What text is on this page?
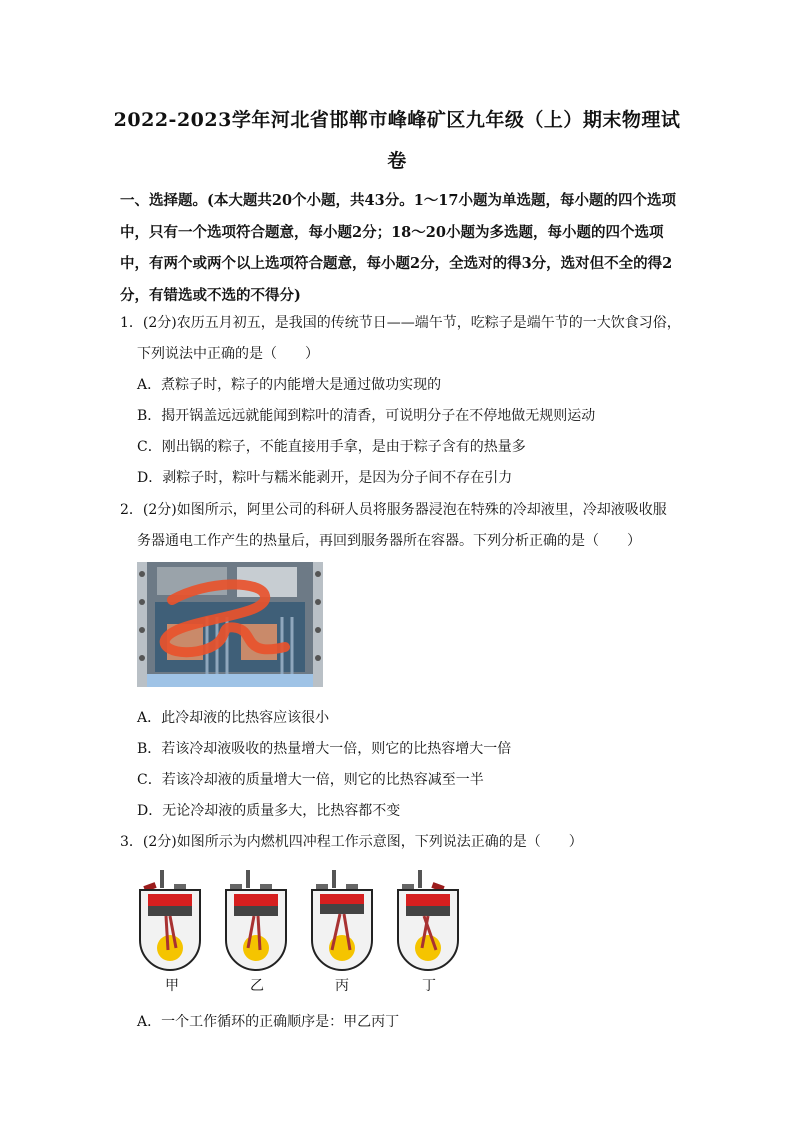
2022-2023学年河北省邯郸市峰峰矿区九年级（上）期末物理试
卷
一、选择题。(本大题共20个小题，共43分。1～17小题为单选题，每小题的四个选项中，只有一个选项符合题意，每小题2分；18～20小题为多选题，每小题的四个选项中，有两个或两个以上选项符合题意，每小题2分，全选对的得3分，选对但不全的得2分，有错选或不选的不得分)
1．(2分)农历五月初五，是我国的传统节日——端午节，吃粽子是端午节的一大饮食习俗，
下列说法中正确的是（　　）
A．煮粽子时，粽子的内能增大是通过做功实现的
B．揭开锅盖远远就能闻到粽叶的清香，可说明分子在不停地做无规则运动
C．刚出锅的粽子，不能直接用手拿，是由于粽子含有的热量多
D．剥粽子时，粽叶与糯米能剥开，是因为分子间不存在引力
2．(2分)如图所示，阿里公司的科研人员将服务器浸泡在特殊的冷却液里，冷却液吸收服
务器通电工作产生的热量后，再回到服务器所在容器。下列分析正确的是（　　）
A．此冷却液的比热容应该很小
B．若该冷却液吸收的热量增大一倍，则它的比热容增大一倍
C．若该冷却液的质量增大一倍，则它的比热容减至一半
D．无论冷却液的质量多大，比热容都不变
3．(2分)如图所示为内燃机四冲程工作示意图，下列说法正确的是（　　）
甲	乙	丙	丁
A．一个工作循环的正确顺序是：甲乙丙丁
